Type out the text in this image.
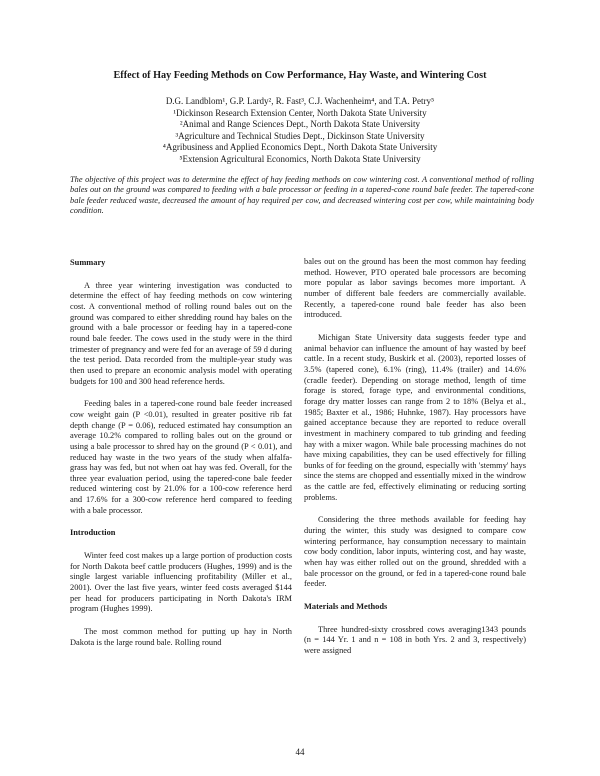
Effect of Hay Feeding Methods on Cow Performance, Hay Waste, and Wintering Cost
D.G. Landblom¹, G.P. Lardy², R. Fast³, C.J. Wachenheim⁴, and T.A. Petry⁵
¹Dickinson Research Extension Center, North Dakota State University
²Animal and Range Sciences Dept., North Dakota State University
³Agriculture and Technical Studies Dept., Dickinson State University
⁴Agribusiness and Applied Economics Dept., North Dakota State University
⁵Extension Agricultural Economics, North Dakota State University
The objective of this project was to determine the effect of hay feeding methods on cow wintering cost. A conventional method of rolling bales out on the ground was compared to feeding with a bale processor or feeding in a tapered-cone round bale feeder. The tapered-cone bale feeder reduced waste, decreased the amount of hay required per cow, and decreased wintering cost per cow, while maintaining body condition.
Summary

A three year wintering investigation was conducted to determine the effect of hay feeding methods on cow wintering cost. A conventional method of rolling round bales out on the ground was compared to either shredding round hay bales on the ground with a bale processor or feeding hay in a tapered-cone round bale feeder. The cows used in the study were in the third trimester of pregnancy and were fed for an average of 59 d during the test period. Data recorded from the multiple-year study was then used to prepare an economic analysis model with operating budgets for 100 and 300 head reference herds.

Feeding bales in a tapered-cone round bale feeder increased cow weight gain (P <0.01), resulted in greater positive rib fat depth change (P = 0.06), reduced estimated hay consumption an average 10.2% compared to rolling bales out on the ground or using a bale processor to shred hay on the ground (P < 0.01), and reduced hay waste in the two years of the study when alfalfa-grass hay was fed, but not when oat hay was fed. Overall, for the three year evaluation period, using the tapered-cone bale feeder reduced wintering cost by 21.0% for a 100-cow reference herd and 17.6% for a 300-cow reference herd compared to feeding with a bale processor.

Introduction

Winter feed cost makes up a large portion of production costs for North Dakota beef cattle producers (Hughes, 1999) and is the single largest variable influencing profitability (Miller et al., 2001). Over the last five years, winter feed costs averaged $144 per head for producers participating in North Dakota's IRM program (Hughes 1999).

The most common method for putting up hay in North Dakota is the large round bale. Rolling round

bales out on the ground has been the most common hay feeding method. However, PTO operated bale processors are becoming more popular as labor savings becomes more important. A number of different bale feeders are commercially available. Recently, a tapered-cone round bale feeder has also been introduced.

Michigan State University data suggests feeder type and animal behavior can influence the amount of hay wasted by beef cattle. In a recent study, Buskirk et al. (2003), reported losses of 3.5% (tapered cone), 6.1% (ring), 11.4% (trailer) and 14.6% (cradle feeder). Depending on storage method, length of time forage is stored, forage type, and environmental conditions, forage dry matter losses can range from 2 to 18% (Belya et al., 1985; Baxter et al., 1986; Huhnke, 1987). Hay processors have gained acceptance because they are reported to reduce overall investment in machinery compared to tub grinding and feeding hay with a mixer wagon. While bale processing machines do not have mixing capabilities, they can be used effectively for filling bunks of for feeding on the ground, especially with 'stemmy' hays since the stems are chopped and essentially mixed in the windrow as the cattle are fed, effectively eliminating or reducing sorting problems.

Considering the three methods available for feeding hay during the winter, this study was designed to compare cow wintering performance, hay consumption necessary to maintain cow body condition, labor inputs, wintering cost, and hay waste, when hay was either rolled out on the ground, shredded with a bale processor on the ground, or fed in a tapered-cone round bale feeder.

Materials and Methods

Three hundred-sixty crossbred cows averaging1343 pounds (n = 144 Yr. 1 and n = 108 in both Yrs. 2 and 3, respectively) were assigned

44
